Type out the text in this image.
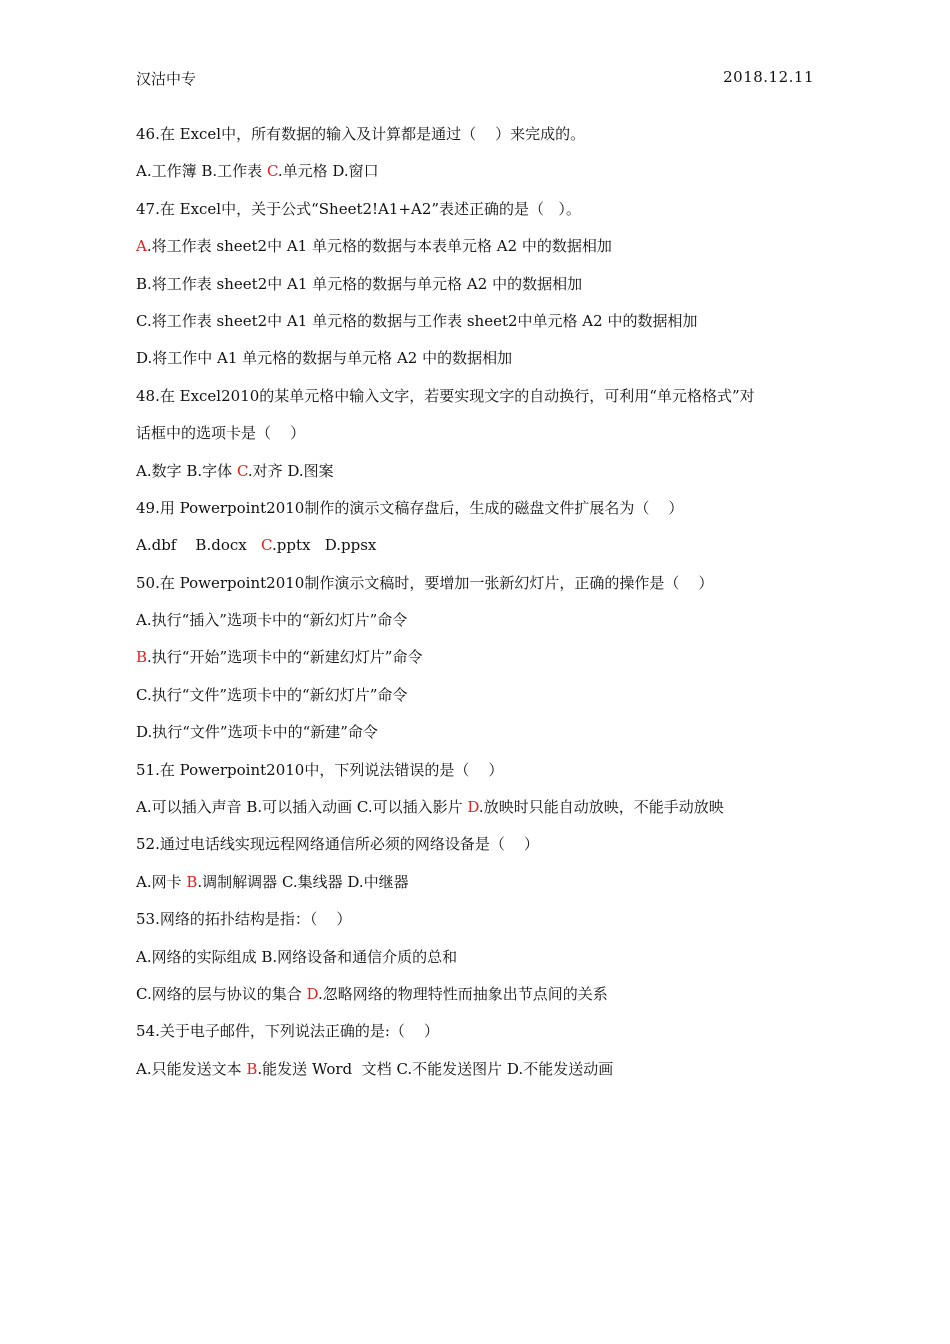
汉沽中专	2018.12.11
46.在 Excel中，所有数据的输入及计算都是通过（    ）来完成的。
A.工作簿 B.工作表 C.单元格 D.窗口
47.在 Excel中，关于公式“Sheet2!A1+A2”表述正确的是（   ）。
A.将工作表 sheet2中 A1 单元格的数据与本表单元格 A2 中的数据相加
B.将工作表 sheet2中 A1 单元格的数据与单元格 A2 中的数据相加
C.将工作表 sheet2中 A1 单元格的数据与工作表 sheet2中单元格 A2 中的数据相加
D.将工作中 A1 单元格的数据与单元格 A2 中的数据相加
48.在 Excel2010的某单元格中输入文字，若要实现文字的自动换行，可利用“单元格格式”对
话框中的选项卡是（    ）
A.数字 B.字体 C.对齐 D.图案
49.用 Powerpoint2010制作的演示文稿存盘后，生成的磁盘文件扩展名为（    ）
A.dbf    B.docx   C.pptx   D.ppsx
50.在 Powerpoint2010制作演示文稿时，要增加一张新幻灯片，正确的操作是（    ）
A.执行“插入”选项卡中的“新幻灯片”命令
B.执行“开始”选项卡中的“新建幻灯片”命令
C.执行“文件”选项卡中的“新幻灯片”命令
D.执行“文件”选项卡中的“新建”命令
51.在 Powerpoint2010中，下列说法错误的是（    ）
A.可以插入声音 B.可以插入动画 C.可以插入影片 D.放映时只能自动放映，不能手动放映
52.通过电话线实现远程网络通信所必须的网络设备是（    ）
A.网卡 B.调制解调器 C.集线器 D.中继器
53.网络的拓扑结构是指：（    ）
A.网络的实际组成 B.网络设备和通信介质的总和
C.网络的层与协议的集合 D.忽略网络的物理特性而抽象出节点间的关系
54.关于电子邮件，下列说法正确的是:（    ）
A.只能发送文本 B.能发送 Word  文档 C.不能发送图片 D.不能发送动画
